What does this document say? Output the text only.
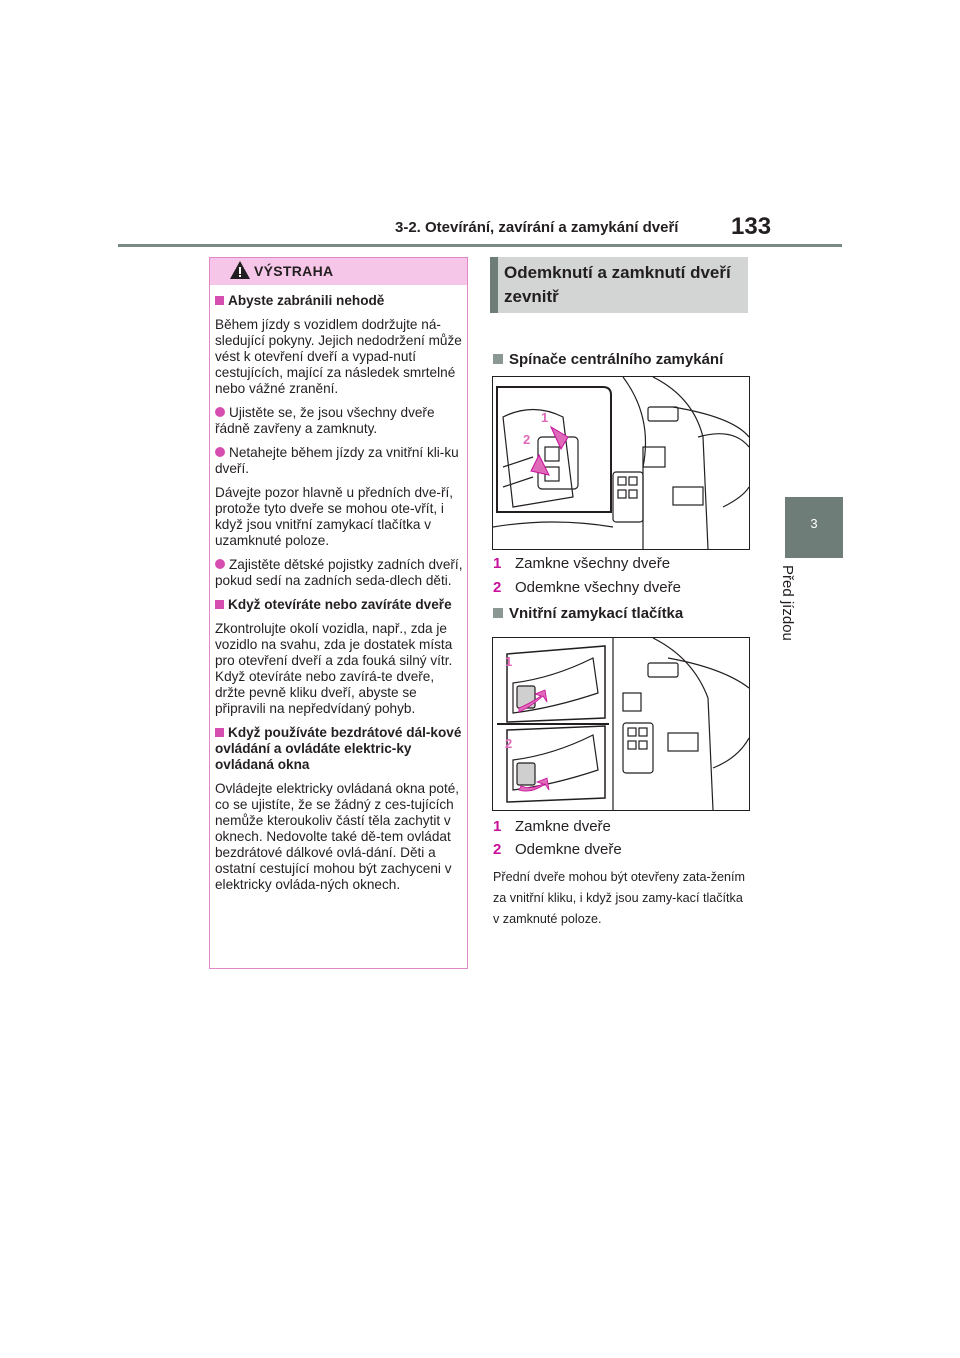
3-2. Otevírání, zavírání a zamykání dveří 133
3
Před jízdou
VÝSTRAHA

Abyste zabránili nehodě

Během jízdy s vozidlem dodržujte ná-sledující pokyny. Jejich nedodržení může vést k otevření dveří a vypad-nutí cestujících, mající za následek smrtelné nebo vážné zranění.

Ujistěte se, že jsou všechny dveře řádně zavřeny a zamknuty.

Netahejte během jízdy za vnitřní kli-ku dveří.

Dávejte pozor hlavně u předních dve-ří, protože tyto dveře se mohou ote-vřít, i když jsou vnitřní zamykací tlačítka v uzamknuté poloze.

Zajistěte dětské pojistky zadních dveří, pokud sedí na zadních seda-dlech děti.

Když otevíráte nebo zavíráte dveře

Zkontrolujte okolí vozidla, např., zda je vozidlo na svahu, zda je dostatek místa pro otevření dveří a zda fouká silný vítr. Když otevíráte nebo zavírá-te dveře, držte pevně kliku dveří, abyste se připravili na nepředvídaný pohyb.

Když používáte bezdrátové dál-kové ovládání a ovládáte elektric-ky ovládaná okna

Ovládejte elektricky ovládaná okna poté, co se ujistíte, že se žádný z ces-tujících nemůže kteroukoliv částí těla zachytit v oknech. Nedovolte také dě-tem ovládat bezdrátové dálkové ovlá-dání. Děti a ostatní cestující mohou být zachyceni v elektricky ovláda-ných oknech.

Odemknutí a zamknutí dveří zevnitř
Spínače centrálního zamykání
1
2
1 Zamkne všechny dveře
2 Odemkne všechny dveře
Vnitřní zamykací tlačítka
1
2
1 Zamkne dveře
2 Odemkne dveře
Přední dveře mohou být otevřeny zata-žením za vnitřní kliku, i když jsou zamy-kací tlačítka v zamknuté poloze.
